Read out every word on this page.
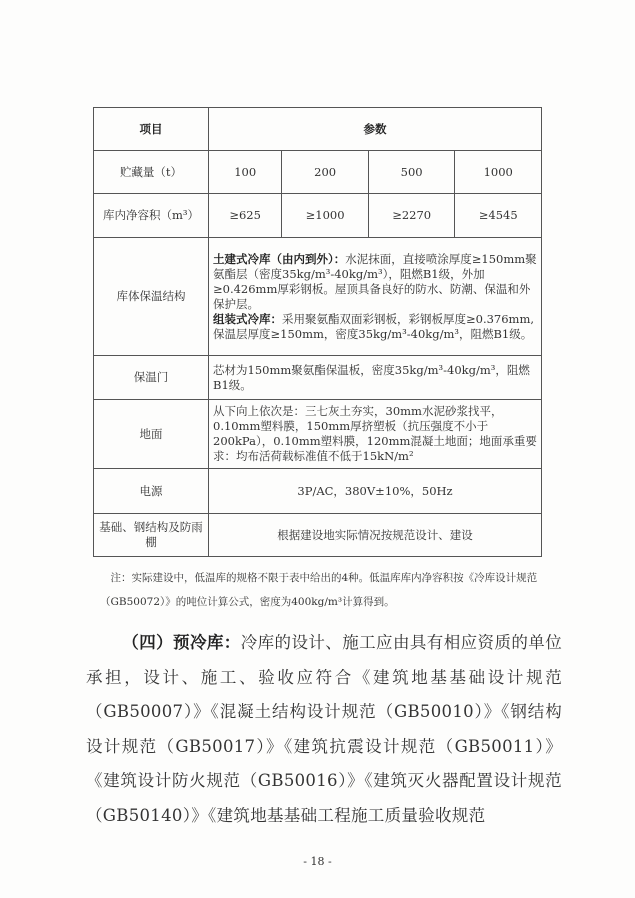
项目	参数			
贮藏量（t）	100	200	500	1000
库内净容积（m³）	≥625	≥1000	≥2270	≥4545
库体保温结构	土建式冷库（由内到外）：水泥抹面，直接喷涂厚度≥150mm聚氨酯层（密度35kg/m³-40kg/m³），阻燃B1级，外加≥0.426mm厚彩钢板。屋顶具备良好的防水、防潮、保温和外保护层。
组装式冷库：采用聚氨酯双面彩钢板，彩钢板厚度≥0.376mm,保温层厚度≥150mm，密度35kg/m³-40kg/m³，阻燃B1级。			
保温门	芯材为150mm聚氨酯保温板，密度35kg/m³-40kg/m³，阻燃B1级。			
地面	从下向上依次是：三七灰土夯实，30mm水泥砂浆找平，0.10mm塑料膜，150mm厚挤塑板（抗压强度不小于200kPa），0.10mm塑料膜，120mm混凝土地面；地面承重要求：均布活荷载标准值不低于15kN/m²			
电源	3P/AC，380V±10%，50Hz			
基础、钢结构及防雨棚	根据建设地实际情况按规范设计、建设			
注：实际建设中，低温库的规格不限于表中给出的4种。低温库库内净容积按《冷库设计规范（GB50072）》的吨位计算公式，密度为400kg/m³计算得到。
（四）预冷库：冷库的设计、施工应由具有相应资质的单位承担，设计、施工、验收应符合《建筑地基基础设计规范（GB50007）》《混凝土结构设计规范（GB50010）》《钢结构设计规范（GB50017）》《建筑抗震设计规范（GB50011）》《建筑设计防火规范（GB50016）》《建筑灭火器配置设计规范（GB50140）》《建筑地基基础工程施工质量验收规范
- 18 -
